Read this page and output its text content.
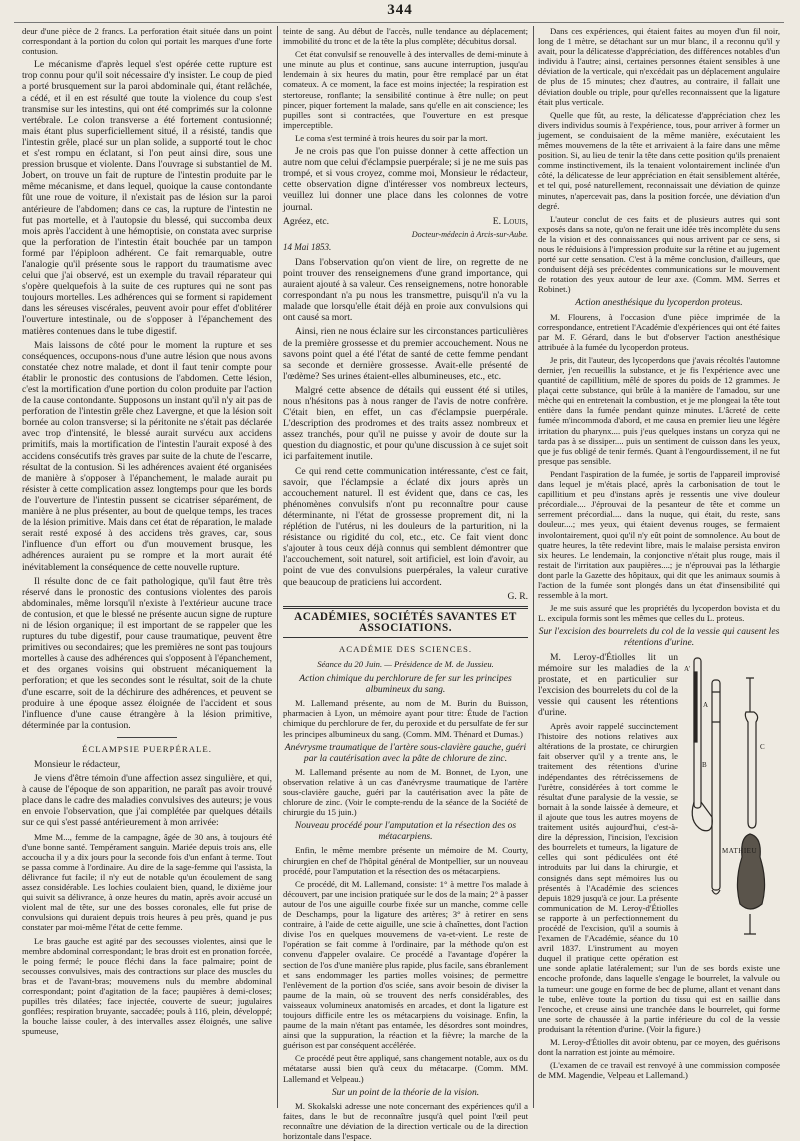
344

deur d'une pièce de 2 francs. La perforation était située dans un point correspondant à la portion du colon qui portait les marques d'une forte contusion.

Le mécanisme d'après lequel s'est opérée cette rupture est trop connu pour qu'il soit nécessaire d'y insister. Le coup de pied a porté brusquement sur la paroi abdominale qui, étant relâchée, a cédé, et il en est résulté que toute la violence du coup s'est transmise sur les intestins, qui ont été comprimés sur la colonne vertébrale. Le colon transverse a été fortement contusionné; mais étant plus superficiellement situé, il a résisté, tandis que l'intestin grêle, placé sur un plan solide, a supporté tout le choc et s'est rompu en éclatant, si l'on peut ainsi dire, sous une pression brusque et violente. Dans l'ouvrage si substantiel de M. Jobert, on trouve un fait de rupture de l'intestin produite par le même mécanisme, et dans lequel, quoique la cause contondante fût une roue de voiture, il n'existait pas de lésion sur la paroi antérieure de l'abdomen; dans ce cas, la rupture de l'intestin ne fut pas mortelle, et à l'autopsie du blessé, qui succomba deux mois après l'accident à une hémoptisie, on constata avec surprise que la perforation de l'intestin était bouchée par un tampon formé par l'épiploon adhérent. Ce fait remarquable, outre l'analogie qu'il présente sous le rapport du traumatisme avec celui que j'ai observé, est un exemple du travail réparateur qui s'opère quelquefois à la suite de ces ruptures qui ne sont pas toujours mortelles. Les adhérences qui se forment si rapidement dans les séreuses viscérales, peuvent avoir pour effet d'oblitérer l'ouverture intestinale, ou de s'opposer à l'épanchement des matières contenues dans le tube digestif.

Mais laissons de côté pour le moment la rupture et ses conséquences, occupons-nous d'une autre lésion que nous avons constatée chez notre malade, et dont il faut tenir compte pour établir le pronostic des contusions de l'abdomen. Cette lésion, c'est la mortification d'une portion du colon produite par l'action de la cause contondante. Supposons un instant qu'il n'y ait pas de perforation de l'intestin grêle chez Lavergne, et que la lésion soit bornée au colon transverse; si la péritonite ne s'était pas déclarée avec trop d'intensité, le blessé aurait survécu aux accidens primitifs, mais la mortification de l'intestin l'aurait exposé à des accidens consécutifs très graves par suite de la chute de l'escarre, résultat de la contusion. Si les adhérences avaient été organisées de manière à s'opposer à l'épanchement, le malade aurait pu résister à cette complication assez longtemps pour que les bords de l'ouverture de l'intestin pussent se cicatriser séparément, de manière à ne plus présenter, au bout de quelque temps, les traces de la lésion primitive. Mais dans cet état de réparation, le malade serait resté exposé à des accidens très graves, car, sous l'influence d'un effort ou d'un mouvement brusque, les adhérences auraient pu se rompre et la mort aurait été inévitablement la conséquence de cette nouvelle rupture.

Il résulte donc de ce fait pathologique, qu'il faut être très réservé dans le pronostic des contusions violentes des parois abdominales, même lorsqu'il n'existe à l'extérieur aucune trace de contusion, et que le blessé ne présente aucun signe de rupture ni de lésion organique; il est important de se rappeler que les ruptures du tube digestif, pour cause traumatique, peuvent être primitives ou secondaires; que les premières ne sont pas toujours mortelles à cause des adhérences qui s'opposent à l'épanchement, et des organes voisins qui obstruent mécaniquement la perforation; et que les secondes sont le résultat, soit de la chute d'une escarre, soit de la déchirure des adhérences, et peuvent se produire à une époque assez éloignée de l'accident et sous l'influence d'une cause étrangère à la lésion primitive, déterminée par la contusion.

ÉCLAMPSIE PUERPÉRALE.

Monsieur le rédacteur,

Je viens d'être témoin d'une affection assez singulière, et qui, à cause de l'époque de son apparition, ne paraît pas avoir trouvé place dans le cadre des maladies convulsives des auteurs; je vous en envoie l'observation, que j'ai complétée par quelques détails sur ce qui s'est passé antérieurement à mon arrivée:

Mme M..., femme de la campagne, âgée de 30 ans, à toujours été d'une bonne santé. Tempérament sanguin. Mariée depuis trois ans, elle accoucha il y a dix jours pour la seconde fois d'un enfant à terme. Tout se passa comme à l'ordinaire. Au dire de la sage-femme qui l'assista, la délivrance fut facile; il n'y eut de notable qu'un écoulement de sang assez considérable. Les lochies coulaient bien, quand, le dixième jour qui suivit sa délivrance, à onze heures du matin, après avoir accusé un violent mal de tête, sur une des bosses coronales, elle fut prise de convulsions qui duraient depuis trois heures à peu près, quand je pus constater par moi-même l'état de cette femme.

Le bras gauche est agité par des secousses violentes, ainsi que le membre abdominal correspondant; le bras droit est en pronation forcée, le poing fermé; le pouce fléchi dans la face palmaire; point de secousses convulsives, mais des contractions sur place des muscles du bras et de l'avant-bras; mouvemens nuls du membre abdominal correspondant; point d'agitation de la face; paupières à demi-closes; pupilles très dilatées; face injectée, couverte de sueur; jugulaires gonflées; respiration bruyante, saccadée; pouls à 116, plein, développé; la bouche laisse couler, à des intervalles assez éloignés, une salive spumeuse,

teinte de sang. Au début de l'accès, nulle tendance au déplacement; immobilité du tronc et de la tête la plus complète; décubitus dorsal.

Cet état convulsif se renouvelle à des intervalles de demi-minute à une minute au plus et continue, sans aucune interruption, jusqu'au lendemain à six heures du matin, pour être remplacé par un état comateux. A ce moment, la face est moins injectée; la respiration est stertoreuse, ronflante; la sensibilité continue à être nulle; on peut pincer, piquer fortement la malade, sans qu'elle en ait conscience; les pupilles sont si contractées, que l'ouverture en est presque imperceptible.

Le coma s'est terminé à trois heures du soir par la mort.

Je ne crois pas que l'on puisse donner à cette affection un autre nom que celui d'éclampsie puerpérale; si je ne me suis pas trompé, et si vous croyez, comme moi, Monsieur le rédacteur, cette observation digne d'intéresser vos nombreux lecteurs, veuillez lui donner une place dans les colonnes de votre journal.

Agréez, etc.	E. Louis,
Docteur-médecin à Arcis-sur-Aube.
14 Mai 1853.

Dans l'observation qu'on vient de lire, on regrette de ne point trouver des renseignemens d'une grand importance, qui auraient ajouté à sa valeur. Ces renseignemens, notre honorable correspondant n'a pu nous les transmettre, puisqu'il n'a vu la malade que lorsqu'elle était déjà en proie aux convulsions qui ont causé sa mort.

Ainsi, rien ne nous éclaire sur les circonstances particulières de la première grossesse et du premier accouchement. Nous ne savons point quel a été l'état de santé de cette femme pendant sa seconde et dernière grossesse. Avait-elle présenté de l'œdème? Ses urines étaient-elles albumineuses, etc., etc.

Malgré cette absence de détails qui eussent été si utiles, nous n'hésitons pas à nous ranger de l'avis de notre confrère. C'était bien, en effet, un cas d'éclampsie puerpérale. L'description des prodromes et des traits assez nombreux et assez tranchés, pour qu'il ne puisse y avoir de doute sur la question du diagnostic, et pour qu'une discussion à ce sujet soit ici parfaitement inutile.

Ce qui rend cette communication intéressante, c'est ce fait, savoir, que l'éclampsie a éclaté dix jours après un accouchement naturel. Il est évident que, dans ce cas, les phénomènes convulsifs n'ont pu reconnaître pour cause déterminante, ni l'état de grossesse proprement dit, ni la réplétion de l'utérus, ni les douleurs de la parturition, ni la résistance ou rigidité du col, etc., etc. Ce fait vient donc s'ajouter à tous ceux déjà connus qui semblent démontrer que l'accouchement, soit naturel, soit artificiel, est loin d'avoir, au point de vue des convulsions puerpérales, la valeur curative que beaucoup de praticiens lui accordent.

G. R.
ACADÉMIES, SOCIÉTÉS SAVANTES ET ASSOCIATIONS.
ACADÉMIE DES SCIENCES.
Séance du 20 Juin. — Présidence de M. de Jussieu.

Action chimique du perchlorure de fer sur les principes albumineux du sang.

M. Lallemand présente, au nom de M. Burin du Buisson, pharmacien à Lyon, un mémoire ayant pour titre: Étude de l'action chimique du perchlorure de fer, du peroxide et du persulfate de fer sur les principes albumineux du sang. (Comm. MM. Thénard et Dumas.)

Anévrysme traumatique de l'artère sous-clavière gauche, guéri par la cautérisation avec la pâte de chlorure de zinc.

M. Lallemand présente au nom de M. Bonnet, de Lyon, une observation relative à un cas d'anévrysme traumatique de l'artère sous-clavière gauche, guéri par la cautérisation avec la pâte de chlorure de zinc. (Voir le compte-rendu de la séance de la Société de chirurgie du 15 juin.)

Nouveau procédé pour l'amputation et la résection des os métacarpiens.

Enfin, le même membre présente un mémoire de M. Courty, chirurgien en chef de l'hôpital général de Montpellier, sur un nouveau procédé, pour l'amputation et la résection des os métacarpiens.

Ce procédé, dit M. Lallemand, consiste: 1° à mettre l'os malade à découvert, par une incision pratiquée sur le dos de la main; 2° à passer autour de l'os une aiguille courbe fixée sur un manche, comme celle de Deschamps, pour la ligature des artères; 3° à retirer en sens contraire, à l'aide de cette aiguille, une scie à chaînettes, dont l'action divise l'os en quelques mouvemens de va-et-vient. Le reste de l'opération se fait comme à l'ordinaire, par la méthode qu'on est convenu d'appeler ovalaire. Ce procédé a l'avantage d'opérer la section de l'os d'une manière plus rapide, plus facile, sans ébranlement et sans endommager les parties molles voisines; de permettre l'enlèvement de la portion d'os sciée, sans avoir besoin de diviser la paume de la main, où se trouvent des nerfs considérables, des vaisseaux volumineux anatomisés en arcades, et dont la ligature est toujours difficile entre les os métacarpiens du voisinage. Enfin, la paume de la main n'étant pas entamée, les désordres sont moindres, ainsi que la suppuration, la réaction et la fièvre; la marche de la guérison est par conséquent accélérée.

Ce procédé peut être appliqué, sans changement notable, aux os du métatarse aussi bien qu'à ceux du métacarpe. (Comm. MM. Lallemand et Velpeau.)

Sur un point de la théorie de la vision.

M. Skokalski adresse une note concernant des expériences qu'il a faites, dans le but de reconnaître jusqu'à quel point l'œil peut reconnaître une déviation de la direction verticale ou de la direction horizontale dans l'espace.

Dans ces expériences, qui étaient faites au moyen d'un fil noir, long de 1 mètre, se détachant sur un mur blanc, il a reconnu qu'il y avait, pour la délicatesse d'appréciation, des différences notables d'un individu à l'autre; ainsi, certaines personnes étaient sensibles à une déviation de la verticale, qui n'excédait pas un déplacement angulaire de plus de 15 minutes; chez d'autres, au contraire, il fallait une déviation double ou triple, pour qu'elles reconnaissent que la ligature était plus verticale.

Quelle que fût, au reste, la délicatesse d'appréciation chez les divers individus soumis à l'expérience, tous, pour arriver à former un jugement, se conduisaient de la même manière, exécutaient les mêmes mouvemens de la tête et arrivaient à la faire dans une même position. Si, au lieu de tenir la tête dans cette position qu'ils prenaient comme instinctivement, ils la tenaient volontairement inclinée d'un côté, la délicatesse de leur appréciation en était sensiblement altérée, et tel qui, posé naturellement, reconnaissait une déviation de quinze minutes, n'apercevait pas, dans la position forcée, une déviation d'un degré.

L'auteur conclut de ces faits et de plusieurs autres qui sont exposés dans sa note, qu'on ne ferait une idée très incomplète du sens de la vision et des connaissances qui nous arrivent par ce sens, si nous le réduisions à l'impression produite sur la rétine et au jugement porté sur cette sensation. C'est à la même conclusion, d'ailleurs, que conduisent déjà ses précédentes communications sur le mouvement de rotation des yeux autour de leur axe. (Comm. MM. Serres et Robinet.)

Action anesthésique du lycoperdon proteus.

M. Flourens, à l'occasion d'une pièce imprimée de la correspondance, entretient l'Académie d'expériences qui ont été faites par M. F. Gérard, dans le but d'observer l'action anesthésique attribuée à la fumée du lycoperdon proteus.

Je pris, dit l'auteur, des lycoperdons que j'avais récoltés l'automne dernier, j'en recueillis la substance, et je fis l'expérience avec une quantité de capillitium, mêlé de spores du poids de 12 grammes. Je plaçai cette substance, qui brûle à la manière de l'amadou, sur une mèche qui en entretenait la combustion, et je me plongeai la tête tout entière dans la fumée pendant quinze minutes. L'âcreté de cette fumée m'incommoda d'abord, et me causa en premier lieu une légère irritation du pharynx.... puis j'eus quelques instans un coryza qui ne tarda pas à se dissiper.... puis un sentiment de cuisson dans les yeux, que je fus obligé de tenir fermés. Quant à l'engourdissement, il ne fut presque pas sensible.

Pendant l'aspiration de la fumée, je sortis de l'appareil improvisé dans lequel je m'étais placé, après la carbonisation de tout le capillitium et peu d'instans après je ressentis une vive douleur précordiale.... J'éprouvai de la pesanteur de tête et comme un serrement précordial.... dans la nuque, qui était, du reste, sans douleur....; mes yeux, qui étaient devenus rouges, se fermaient involontairement, quoi qu'il n'y eût point de somnolence. Au bout de quatre heures, la tête redevint libre, mais le malaise persista environ six heures. Le lendemain, la conjonctive n'était plus rouge, mais il restait de l'irritation aux paupières....; je n'éprouvai pas la léthargie dont parle la Gazette des hôpitaux, qui dit que les animaux soumis à l'action de la fumée sont plongés dans un état d'insensibilité qui ressemble à la mort.

Je me suis assuré que les propriétés du lycoperdon bovista et du L. excipula formis sont les mêmes que celles du L. proteus.

Sur l'excision des bourrelets du col de la vessie qui causent les rétentions d'urine.

A'
A
B
C
MATHIEU

M. Leroy-d'Étiolles lit un mémoire sur les maladies de la prostate, et en particulier sur l'excision des bourrelets du col de la vessie qui causent les rétentions d'urine.

Après avoir rappelé succinctement l'histoire des notions relatives aux altérations de la prostate, ce chirurgien fait observer qu'il y a trente ans, le traitement des rétentions d'urine indépendantes des rétrécissemens de l'urètre, considérées à tort comme le résultat d'une paralysie de la vessie, se bornait à la sonde laissée à demeure, et il ajoute que tous les autres moyens de traitement usités aujourd'hui, c'est-à-dire la dépression, l'incision, l'excision des bourrelets et tumeurs, la ligature de celles qui sont pédiculées ont été introduits par lui dans la chirurgie, et consignés dans sept mémoires lus ou présentés à l'Académie des sciences depuis 1829 jusqu'à ce jour. La présente communication de M. Leroy-d'Étiolles se rapporte à un perfectionnement du procédé de l'excision, qu'il a soumis à l'examen de l'Académie, séance du 10 avril 1837. L'instrument au moyen duquel il pratique cette opération est une sonde aplatie latéralement; sur l'un de ses bords existe une encoche profonde, dans laquelle s'engage le bourrelet, la valvule ou la tumeur: une gouge en forme de bec de plume, allant et venant dans le tube, enlève toute la portion du tissu qui est en saillie dans l'encoche, et creuse ainsi une tranchée dans le bourrelet, qui forme une sorte de chaussée à la partie inférieure du col de la vessie produisant la rétention d'urine. (Voir la figure.)

M. Leroy-d'Étiolles dit avoir obtenu, par ce moyen, des guérisons dont la narration est jointe au mémoire.

(L'examen de ce travail est renvoyé à une commission composée de MM. Magendie, Velpeau et Lallemand.)
